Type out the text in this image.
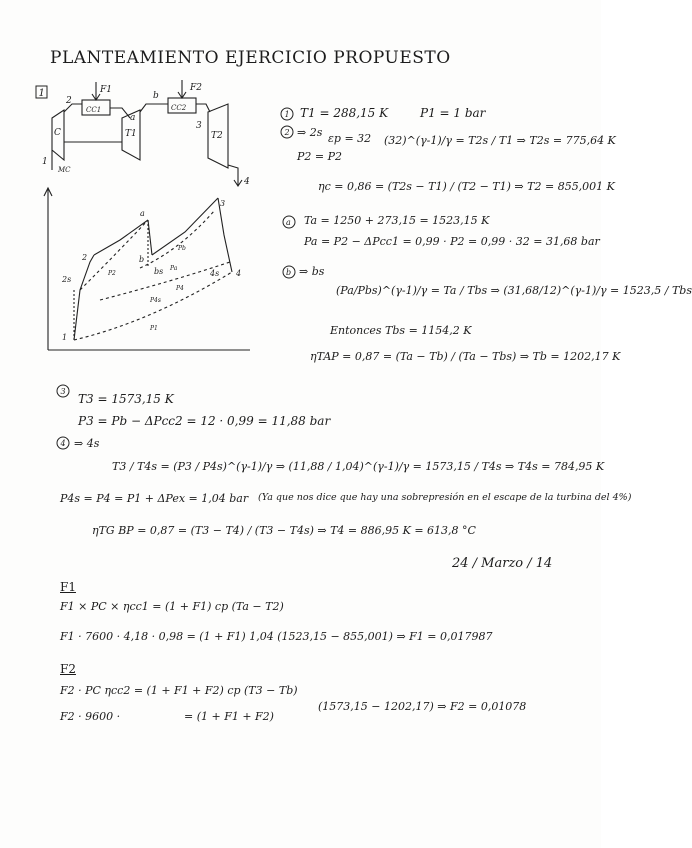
PLANTEAMIENTO EJERCICIO PROPUESTO
1
2
CC1
F1
b
CC2
F2
a
3
C	T1	T2
1
MC
4
2s
2
a
b
3
4
4s
bs
1
P1
P2
Pa
Pb
P4s
P4
1
2
a
b
3
4
T1 = 288,15 K	P1 = 1 bar
⇒ 2s εp = 32
P2 = P2
(32)^(γ-1)/γ = T2s / T1 ⇒ T2s = 775,64 K
ηc = 0,86 = (T2s − T1) / (T2 − T1) ⇒ T2 = 855,001 K
Ta = 1250 + 273,15 = 1523,15 K
Pa = P2 − ΔPcc1 = 0,99 · P2 = 0,99 · 32 = 31,68 bar
⇒ bs
(Pa/Pbs)^(γ-1)/γ = Ta / Tbs ⇒ (31,68/12)^(γ-1)/γ = 1523,5 / Tbs
Entonces Tbs = 1154,2 K
ηTAP = 0,87 = (Ta − Tb) / (Ta − Tbs) ⇒ Tb = 1202,17 K
T3 = 1573,15 K
P3 = Pb − ΔPcc2 = 12 · 0,99 = 11,88 bar
⇒ 4s
T3 / T4s = (P3 / P4s)^(γ-1)/γ ⇒ (11,88 / 1,04)^(γ-1)/γ = 1573,15 / T4s ⇒ T4s = 784,95 K
P4s = P4 = P1 + ΔPex = 1,04 bar (Ya que nos dice que hay una sobrepresión en el escape de la turbina del 4%)
ηTG BP = 0,87 = (T3 − T4) / (T3 − T4s) ⇒ T4 = 886,95 K = 613,8 °C
24 / Marzo / 14
F1
F1 × PC × ηcc1 = (1 + F1) cp (Ta − T2)
F1 · 7600 · 4,18 · 0,98 = (1 + F1) 1,04 (1523,15 − 855,001) ⇒ F1 = 0,017987
F2
F2 · PC ηcc2 = (1 + F1 + F2) cp (T3 − Tb)
F2 · 9600 ·	= (1 + F1 + F2)
(1573,15 − 1202,17) ⇒ F2 = 0,01078
